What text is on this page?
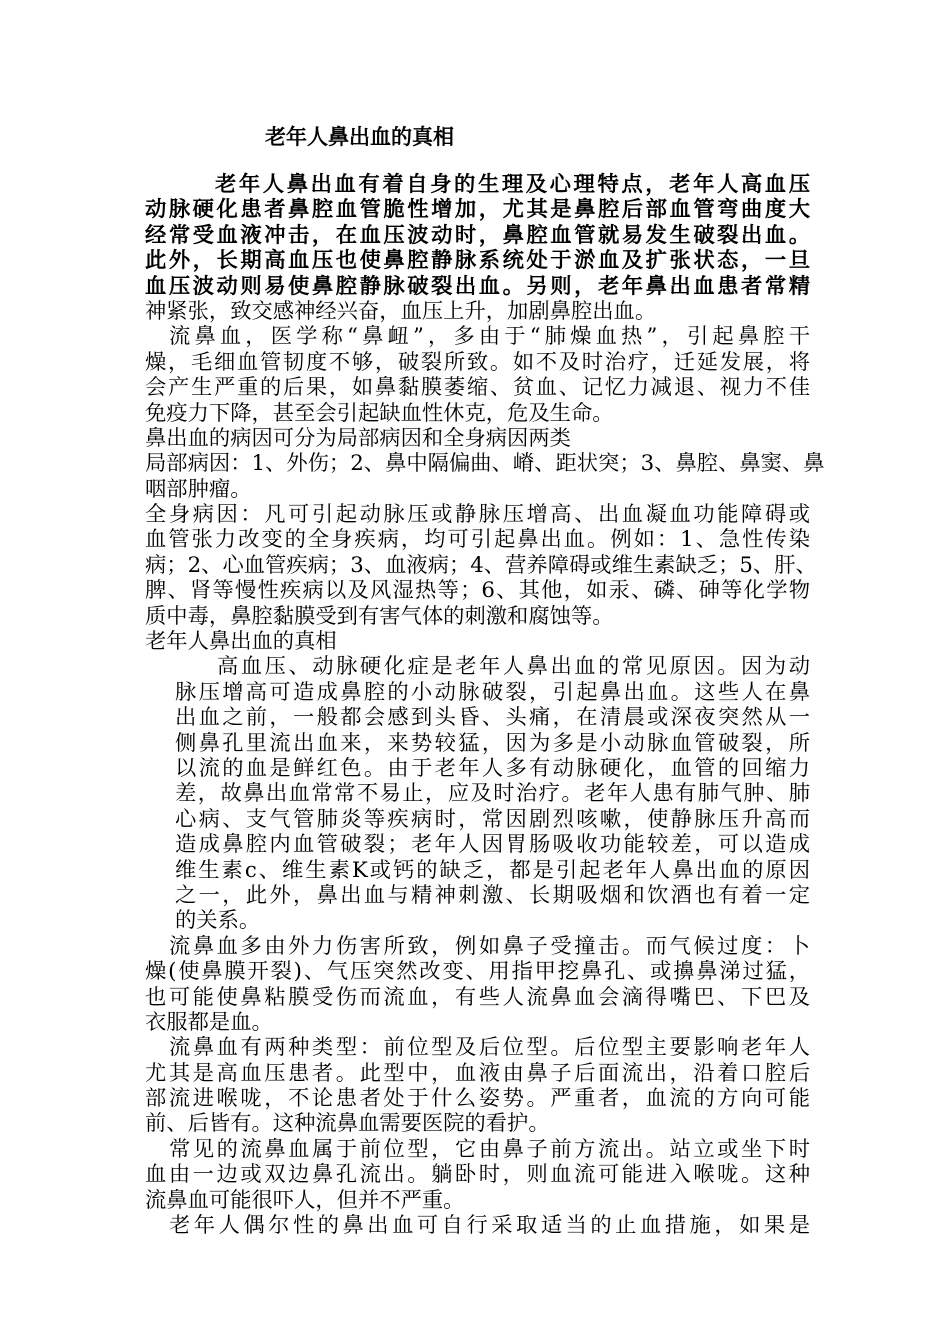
老年人鼻出血的真相
老年人鼻出血有着自身的生理及心理特点，老年人高血压
动脉硬化患者鼻腔血管脆性增加，尤其是鼻腔后部血管弯曲度大
经常受血液冲击，在血压波动时，鼻腔血管就易发生破裂出血。
此外，长期高血压也使鼻腔静脉系统处于淤血及扩张状态，一旦
血压波动则易使鼻腔静脉破裂出血。另则，老年鼻出血患者常精
神紧张，致交感神经兴奋，血压上升，加剧鼻腔出血。
流鼻血，医学称“鼻衄”，多由于“肺燥血热”，引起鼻腔干
燥，毛细血管韧度不够，破裂所致。如不及时治疗，迁延发展，将
会产生严重的后果，如鼻黏膜萎缩、贫血、记忆力减退、视力不佳
免疫力下降，甚至会引起缺血性休克，危及生命。
鼻出血的病因可分为局部病因和全身病因两类
局部病因：1、外伤；2、鼻中隔偏曲、嵴、距状突；3、鼻腔、鼻窦、鼻
咽部肿瘤。
全身病因：凡可引起动脉压或静脉压增高、出血凝血功能障碍或
血管张力改变的全身疾病，均可引起鼻出血。例如：1、急性传染
病；2、心血管疾病；3、血液病；4、营养障碍或维生素缺乏；5、肝、
脾、肾等慢性疾病以及风湿热等；6、其他，如汞、磷、砷等化学物
质中毒，鼻腔黏膜受到有害气体的刺激和腐蚀等。
老年人鼻出血的真相
高血压、动脉硬化症是老年人鼻出血的常见原因。因为动
脉压增高可造成鼻腔的小动脉破裂，引起鼻出血。这些人在鼻
出血之前，一般都会感到头昏、头痛，在清晨或深夜突然从一
侧鼻孔里流出血来，来势较猛，因为多是小动脉血管破裂，所
以流的血是鲜红色。由于老年人多有动脉硬化，血管的回缩力
差，故鼻出血常常不易止，应及时治疗。老年人患有肺气肿、肺
心病、支气管肺炎等疾病时，常因剧烈咳嗽，使静脉压升高而
造成鼻腔内血管破裂；老年人因胃肠吸收功能较差，可以造成
维生素c、维生素K或钙的缺乏，都是引起老年人鼻出血的原因
之一，此外，鼻出血与精神刺激、长期吸烟和饮酒也有着一定
的关系。
流鼻血多由外力伤害所致，例如鼻子受撞击。而气候过度：卜
燥(使鼻膜开裂)、气压突然改变、用指甲挖鼻孔、或擤鼻涕过猛，
也可能使鼻粘膜受伤而流血，有些人流鼻血会滴得嘴巴、下巴及
衣服都是血。
流鼻血有两种类型：前位型及后位型。后位型主要影响老年人
尤其是高血压患者。此型中，血液由鼻子后面流出，沿着口腔后
部流进喉咙，不论患者处于什么姿势。严重者，血流的方向可能
前、后皆有。这种流鼻血需要医院的看护。
常见的流鼻血属于前位型，它由鼻子前方流出。站立或坐下时
血由一边或双边鼻孔流出。躺卧时，则血流可能进入喉咙。这种
流鼻血可能很吓人，但并不严重。
老年人偶尔性的鼻出血可自行采取适当的止血措施，如果是
